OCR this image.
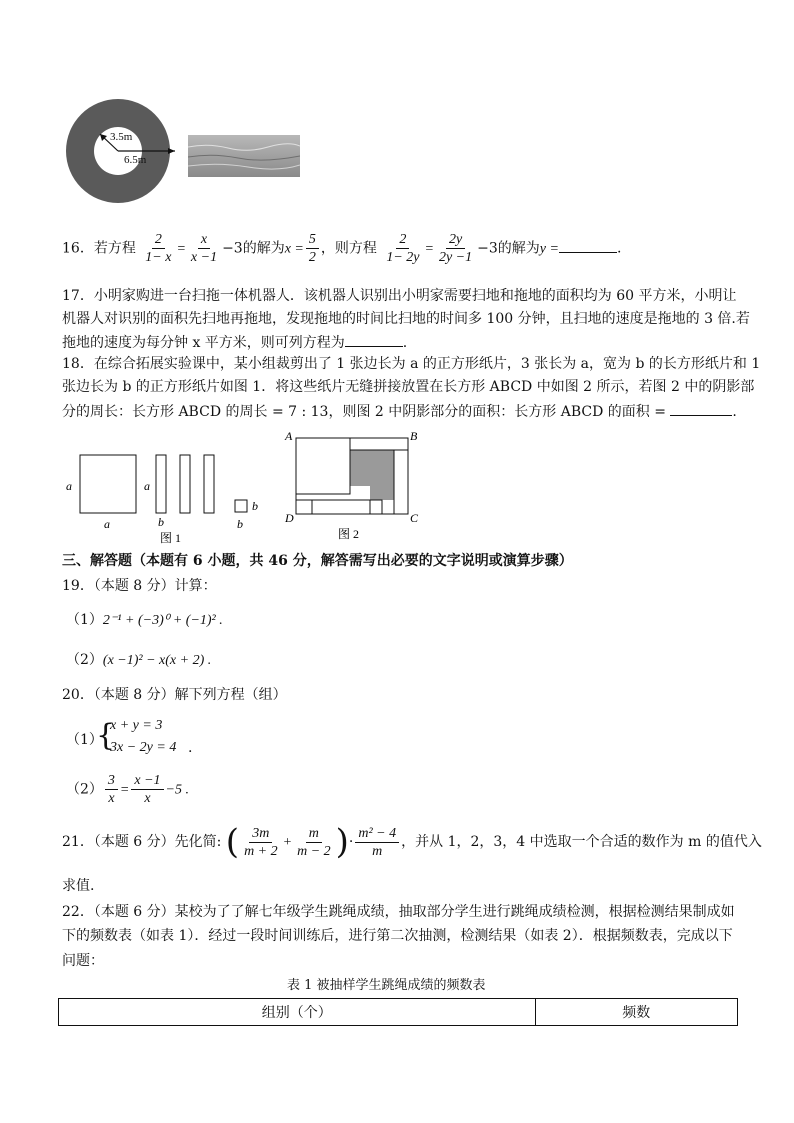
3.5m
6.5m
16．若方程 $\frac{2}{1- x} = \frac{x}{x -1} -3$的解为$x = \frac{5}{2}$ ，则方程 $\frac{2}{1- 2y} = \frac{2y}{2y -1} -3$的解为y =	.
17．小明家购进一台扫拖一体机器人．该机器人识别出小明家需要扫地和拖地的面积均为 60 平方米，小明让
机器人对识别的面积先扫地再拖地，发现拖地的时间比扫地的时间多 100 分钟，且扫地的速度是拖地的 3 倍.若
拖地的速度为每分钟 x 平方米，则可列方程为	.
18．在综合拓展实验课中，某小组裁剪出了 1 张边长为 a 的正方形纸片，3 张长为 a，宽为 b 的长方形纸片和 1
张边长为 b 的正方形纸片如图 1．将这些纸片无缝拼接放置在长方形 ABCD 中如图 2 所示，若图 2 中的阴影部
分的周长：长方形 ABCD 的周长 = 7 : 13，则图 2 中阴影部分的面积：长方形 ABCD 的面积 =	.
a
a
a
b
b
b
图 1
A	B
C
D
图 2
三、解答题（本题有 6 小题，共 46 分，解答需写出必要的文字说明或演算步骤）
19．（本题 8 分）计算：
（1）2⁻¹ + (−3)⁰ + (−1)² .
（2）(x −1)² − x(x + 2) .
20．（本题 8 分）解下列方程（组）
（1）
{
x + y = 3
3x − 2y = 4 .
$(2) \frac{3}{x} = \frac{x -1}{x} -5$ .
21．（本题 6 分）先化简: ( $\frac{3m}{m + 2} + \frac{m}{m - 2}$ )· $\frac{\text{m² − 4}}{m}$ ，并从 1，2，3，4 中选取一个合适的数作为 m 的值代入
求值.
22．（本题 6 分）某校为了了解七年级学生跳绳成绩，抽取部分学生进行跳绳成绩检测，根据检测结果制成如
下的频数表（如表 1）．经过一段时间训练后，进行第二次抽测，检测结果（如表 2）．根据频数表，完成以下
问题：
表 1 被抽样学生跳绳成绩的频数表
组别（个）	频数
